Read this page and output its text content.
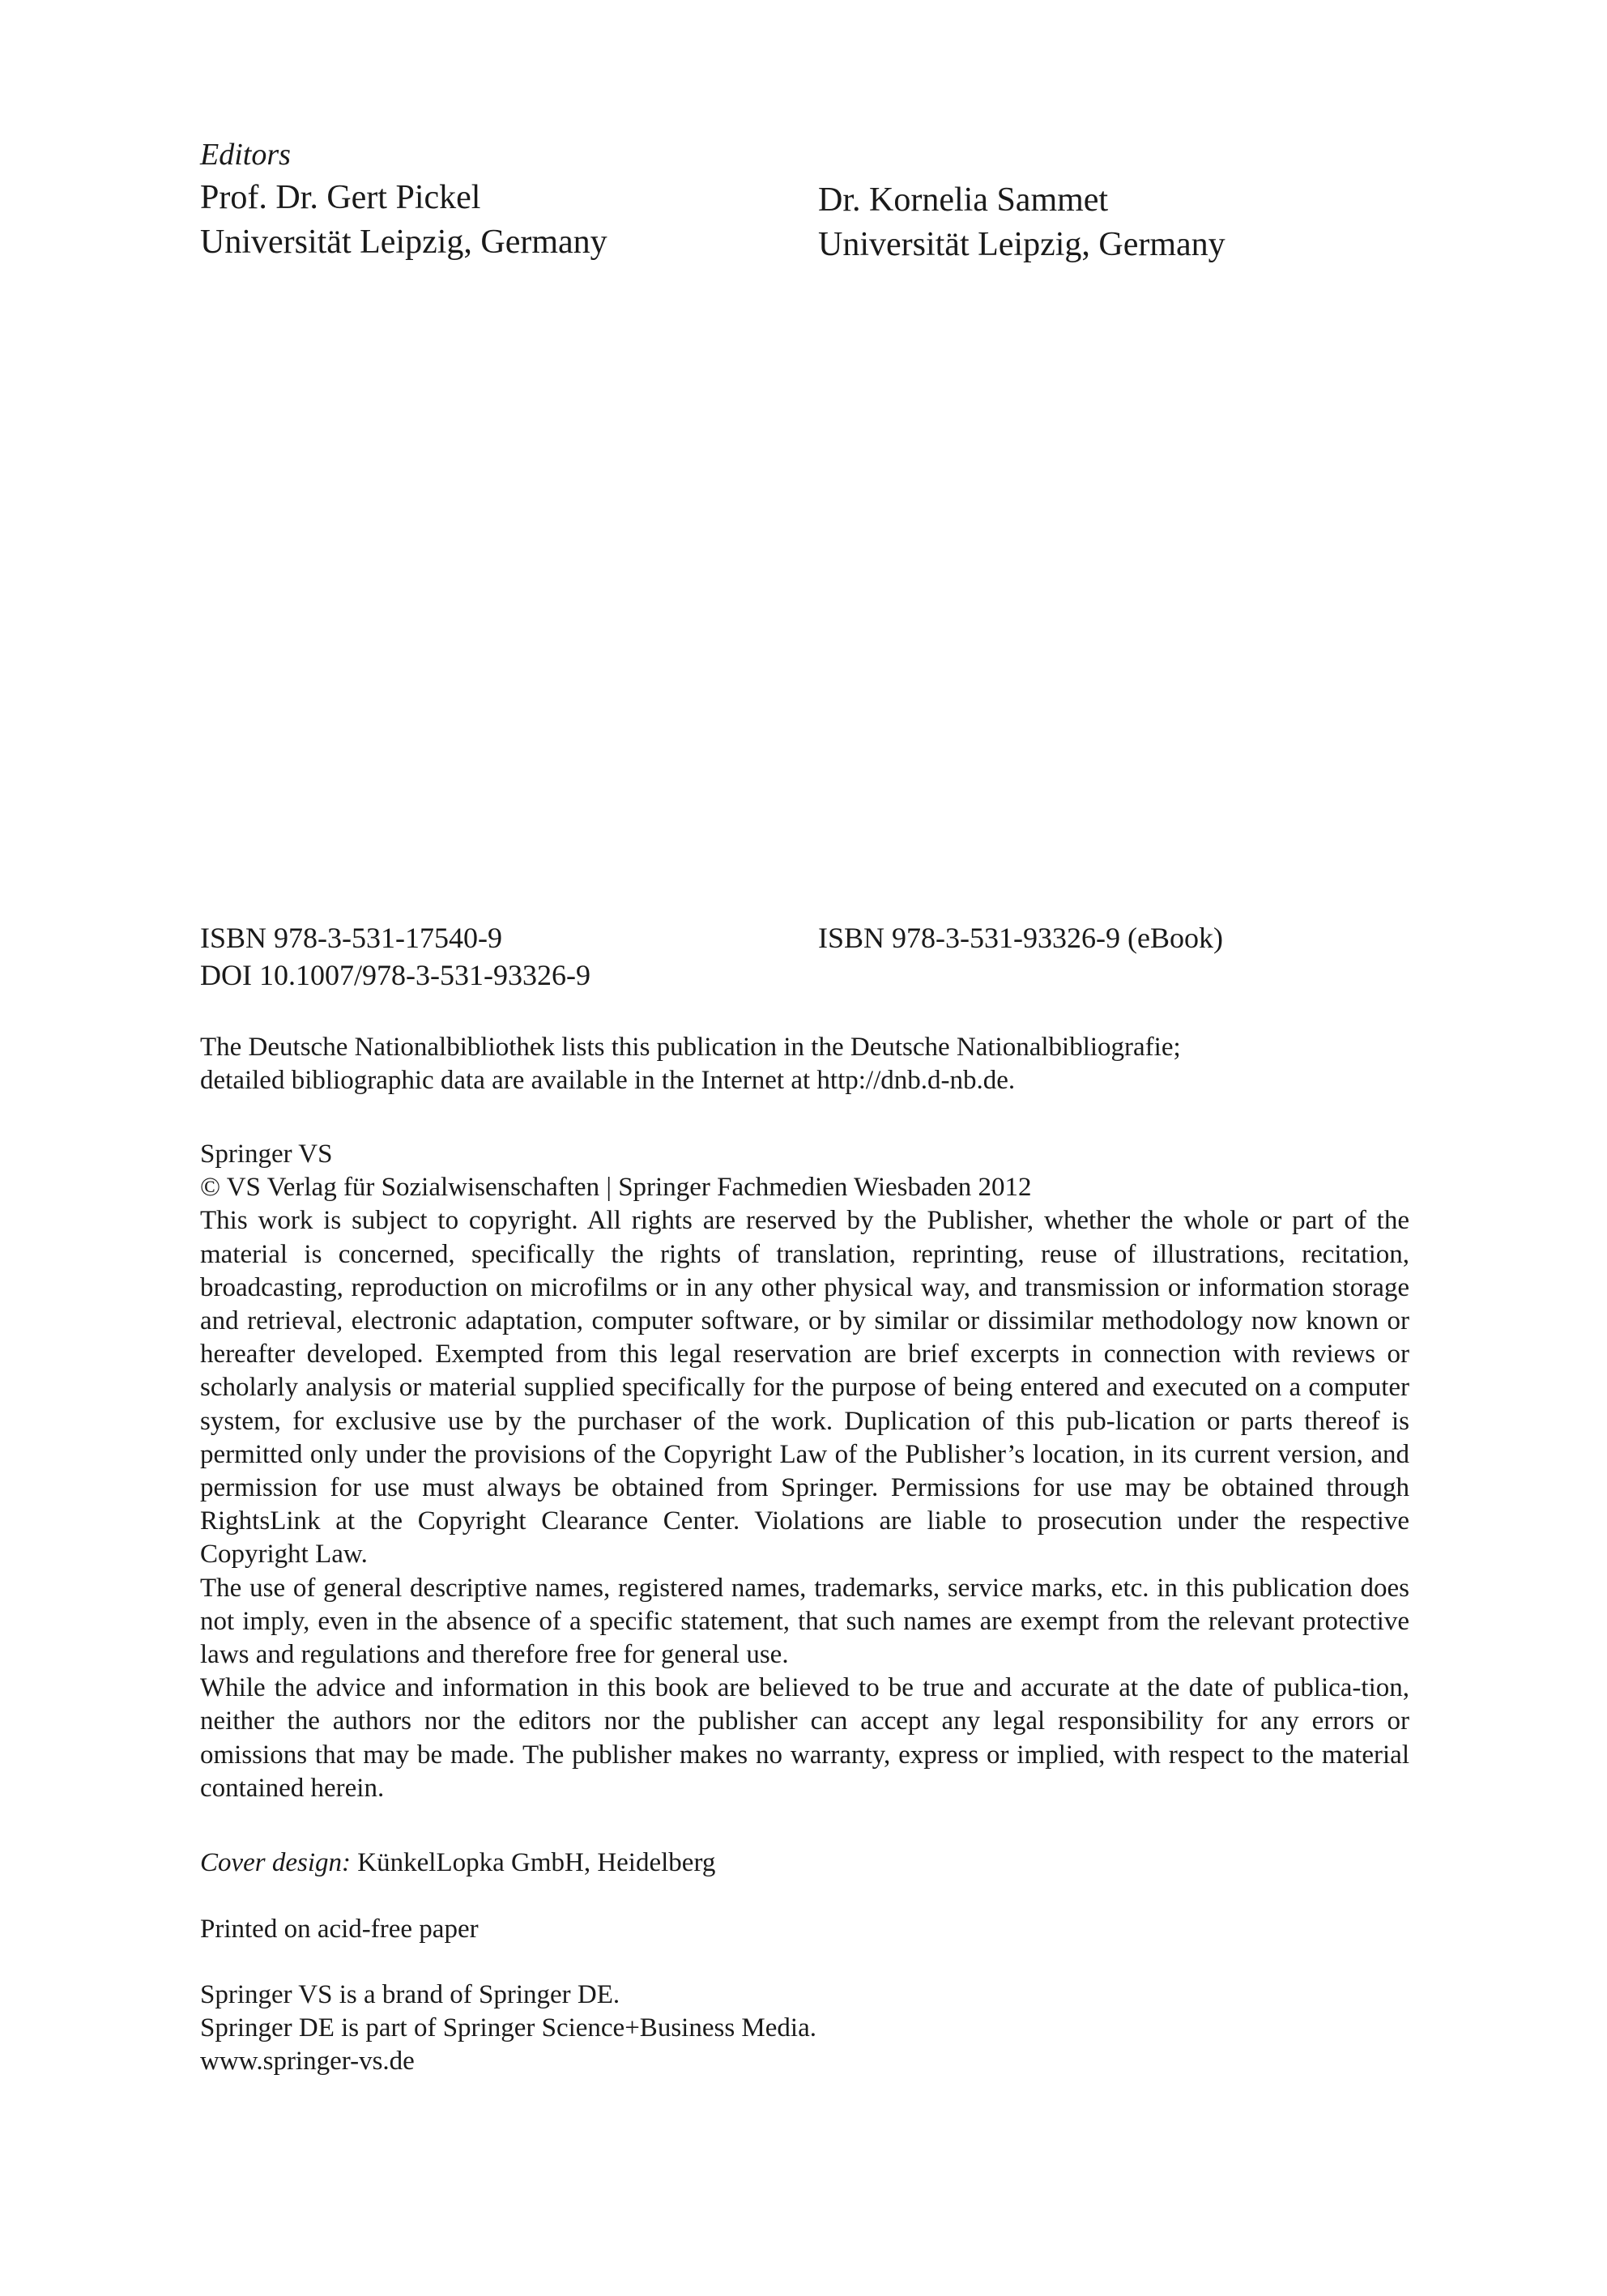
Editors
Prof. Dr. Gert Pickel
Universität Leipzig, Germany
Dr. Kornelia Sammet
Universität Leipzig, Germany
ISBN 978-3-531-17540-9
DOI 10.1007/978-3-531-93326-9
ISBN 978-3-531-93326-9 (eBook)
The Deutsche Nationalbibliothek lists this publication in the Deutsche Nationalbibliografie;
detailed bibliographic data are available in the Internet at http://dnb.d-nb.de.
Springer VS
© VS Verlag für Sozialwisenschaften | Springer Fachmedien Wiesbaden 2012

This work is subject to copyright. All rights are reserved by the Publisher, whether the whole or part of the material is concerned, specifically the rights of translation, reprinting, reuse of illustrations, recitation, broadcasting, reproduction on microfilms or in any other physical way, and transmission or information storage and retrieval, electronic adaptation, computer software, or by similar or dissimilar methodology now known or hereafter developed. Exempted from this legal reservation are brief excerpts in connection with reviews or scholarly analysis or material supplied specifically for the purpose of being entered and executed on a computer system, for exclusive use by the purchaser of the work. Duplication of this pub-lication or parts thereof is permitted only under the provisions of the Copyright Law of the Publisher’s location, in its current version, and permission for use must always be obtained from Springer. Permissions for use may be obtained through RightsLink at the Copyright Clearance Center. Violations are liable to prosecution under the respective Copyright Law.

The use of general descriptive names, registered names, trademarks, service marks, etc. in this publication does not imply, even in the absence of a specific statement, that such names are exempt from the relevant protective laws and regulations and therefore free for general use.

While the advice and information in this book are believed to be true and accurate at the date of publica-tion, neither the authors nor the editors nor the publisher can accept any legal responsibility for any errors or omissions that may be made. The publisher makes no warranty, express or implied, with respect to the material contained herein.

Cover design: KünkelLopka GmbH, Heidelberg
Printed on acid-free paper
Springer VS is a brand of Springer DE.
Springer DE is part of Springer Science+Business Media.
www.springer-vs.de
